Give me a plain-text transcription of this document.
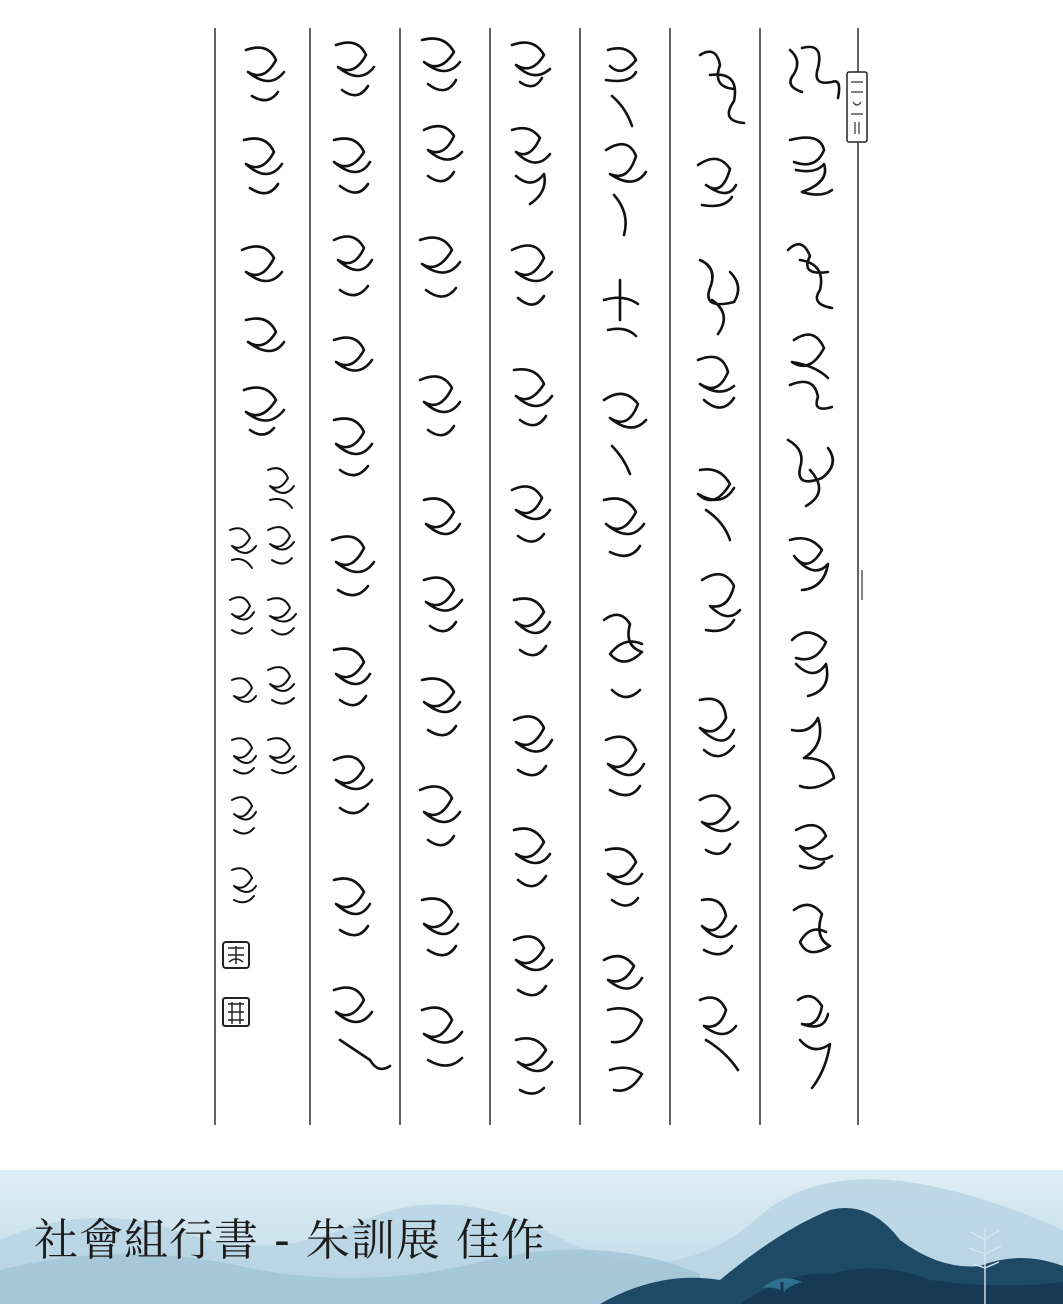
社會組行書 - 朱訓展 佳作
